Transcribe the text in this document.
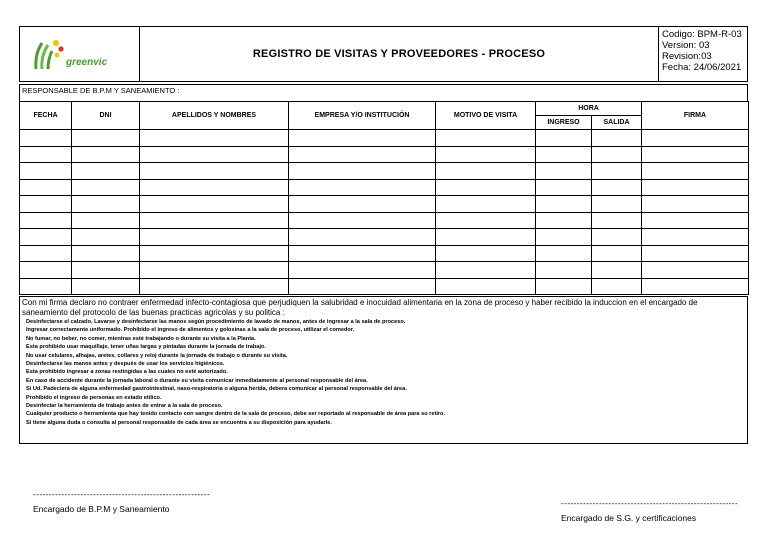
greenvic
REGISTRO DE VISITAS Y PROVEEDORES - PROCESO
Codigo: BPM-R-03
Version: 03
Revision:03
Fecha: 24/06/2021
RESPONSABLE DE B.P.M Y SANEAMIENTO :
FECHA	DNI	APELLIDOS Y NOMBRES	EMPRESA Y/O INSTITUCIÓN	MOTIVO DE VISITA	HORA		FIRMA
					INGRESO	SALIDA	

Con mi firma declaro no contraer enfermedad infecto-contagiosa que perjudiquen la salubridad e inocuidad alimentaria en la zona de proceso y haber recibido la induccion en el encargado de saneamiento del protocolo de las buenas practicas agricolas y su politica :
Desinfectarse el calzado, Lavarse y desinfectarse las manos según procedimiento de lavado de manos, antes de ingresar a la sala de proceso.
Ingresar correctamente uniformado. Prohibido el ingreso de alimentos y golosinas a la sala de proceso, utilizar el comedor.
No fumar, no beber, no comer, mientras esté trabajando o durante su visita a la Planta.
Esta prohibido usar maquillaje, tener uñas largas y pintadas durante la jornada de trabajo.
No usar celulares, alhajas, aretes, collares y reloj durante la jornada de trabajo o durante su visita.
Desinfectarse las manos antes y después de usar los servicios higiénicos.
Esta prohibido ingresar a zonas restingidas a las cuales no esté autorizado.
En caso de accidente durante la jornada laboral o durante su visita comunicar inmediatamente al personal responsable del área.
Si Ud. Padeciera de alguna enfermedad gastrointestinal, naso-respiratoria o alguna herida, debera comunicar al personal responsable del área.
Prohibido el ingreso de personas en estado etílico.
Desinfectar la herramienta de trabajo antes de entrar a la sala de proceso.
Cualquier producto o herramienta que hay tenido contacto con sangre dentro de la sala de proceso, debe ser reportado al responsable de área para su retiro.
Si tiene alguna duda o consulta al personal responsable de cada área se encuentra a su disposición para ayudarle.
--------------------------------------------------------
Encargado de B.P.M y Saneamiento
--------------------------------------------------------
Encargado de S.G. y certificaciones
